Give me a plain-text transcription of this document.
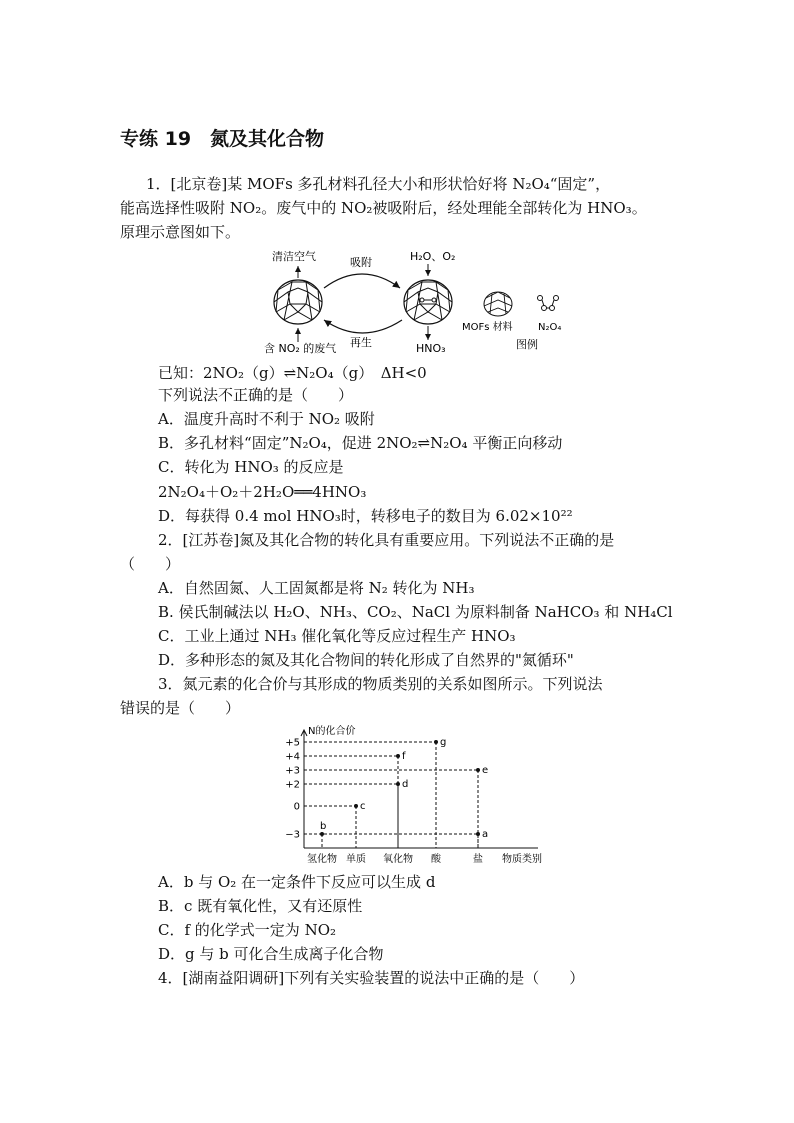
专练 19　氮及其化合物
1．[北京卷]某 MOFs 多孔材料孔径大小和形状恰好将 N₂O₄“固定”，
能高选择性吸附 NO₂。废气中的 NO₂被吸附后，经处理能全部转化为 HNO₃。
原理示意图如下。
清洁空气	吸附	H₂O、O₂
MOFs 材料	N₂O₄
含 NO₂ 的废气 再生	HNO₃	图例
已知：2NO₂（g）⇌N₂O₄（g）　ΔH<0
下列说法不正确的是（　　）
A．温度升高时不利于 NO₂ 吸附
B．多孔材料“固定”N₂O₄，促进 2NO₂⇌N₂O₄ 平衡正向移动
C．转化为 HNO₃ 的反应是
2N₂O₄＋O₂＋2H₂O══4HNO₃
D．每获得 0.4 mol HNO₃时，转移电子的数目为 6.02×10²²
2．[江苏卷]氮及其化合物的转化具有重要应用。下列说法不正确的是
（　　）
A．自然固氮、人工固氮都是将 N₂ 转化为 NH₃
B. 侯氏制碱法以 H₂O、NH₃、CO₂、NaCl 为原料制备 NaHCO₃ 和 NH₄Cl
C．工业上通过 NH₃ 催化氧化等反应过程生产 HNO₃
D．多种形态的氮及其化合物间的转化形成了自然界的"氮循环"
3．氮元素的化合价与其形成的物质类别的关系如图所示。下列说法
错误的是（　　）
N的化合价
物质类别
+5
+4
+3
+2
0
−3
氢化物 单质 氧化物 酸	盐
b
c
d
f
g
e
a
A．b 与 O₂ 在一定条件下反应可以生成 d
B．c 既有氧化性，又有还原性
C．f 的化学式一定为 NO₂
D．g 与 b 可化合生成离子化合物
4．[湖南益阳调研]下列有关实验装置的说法中正确的是（　　）
